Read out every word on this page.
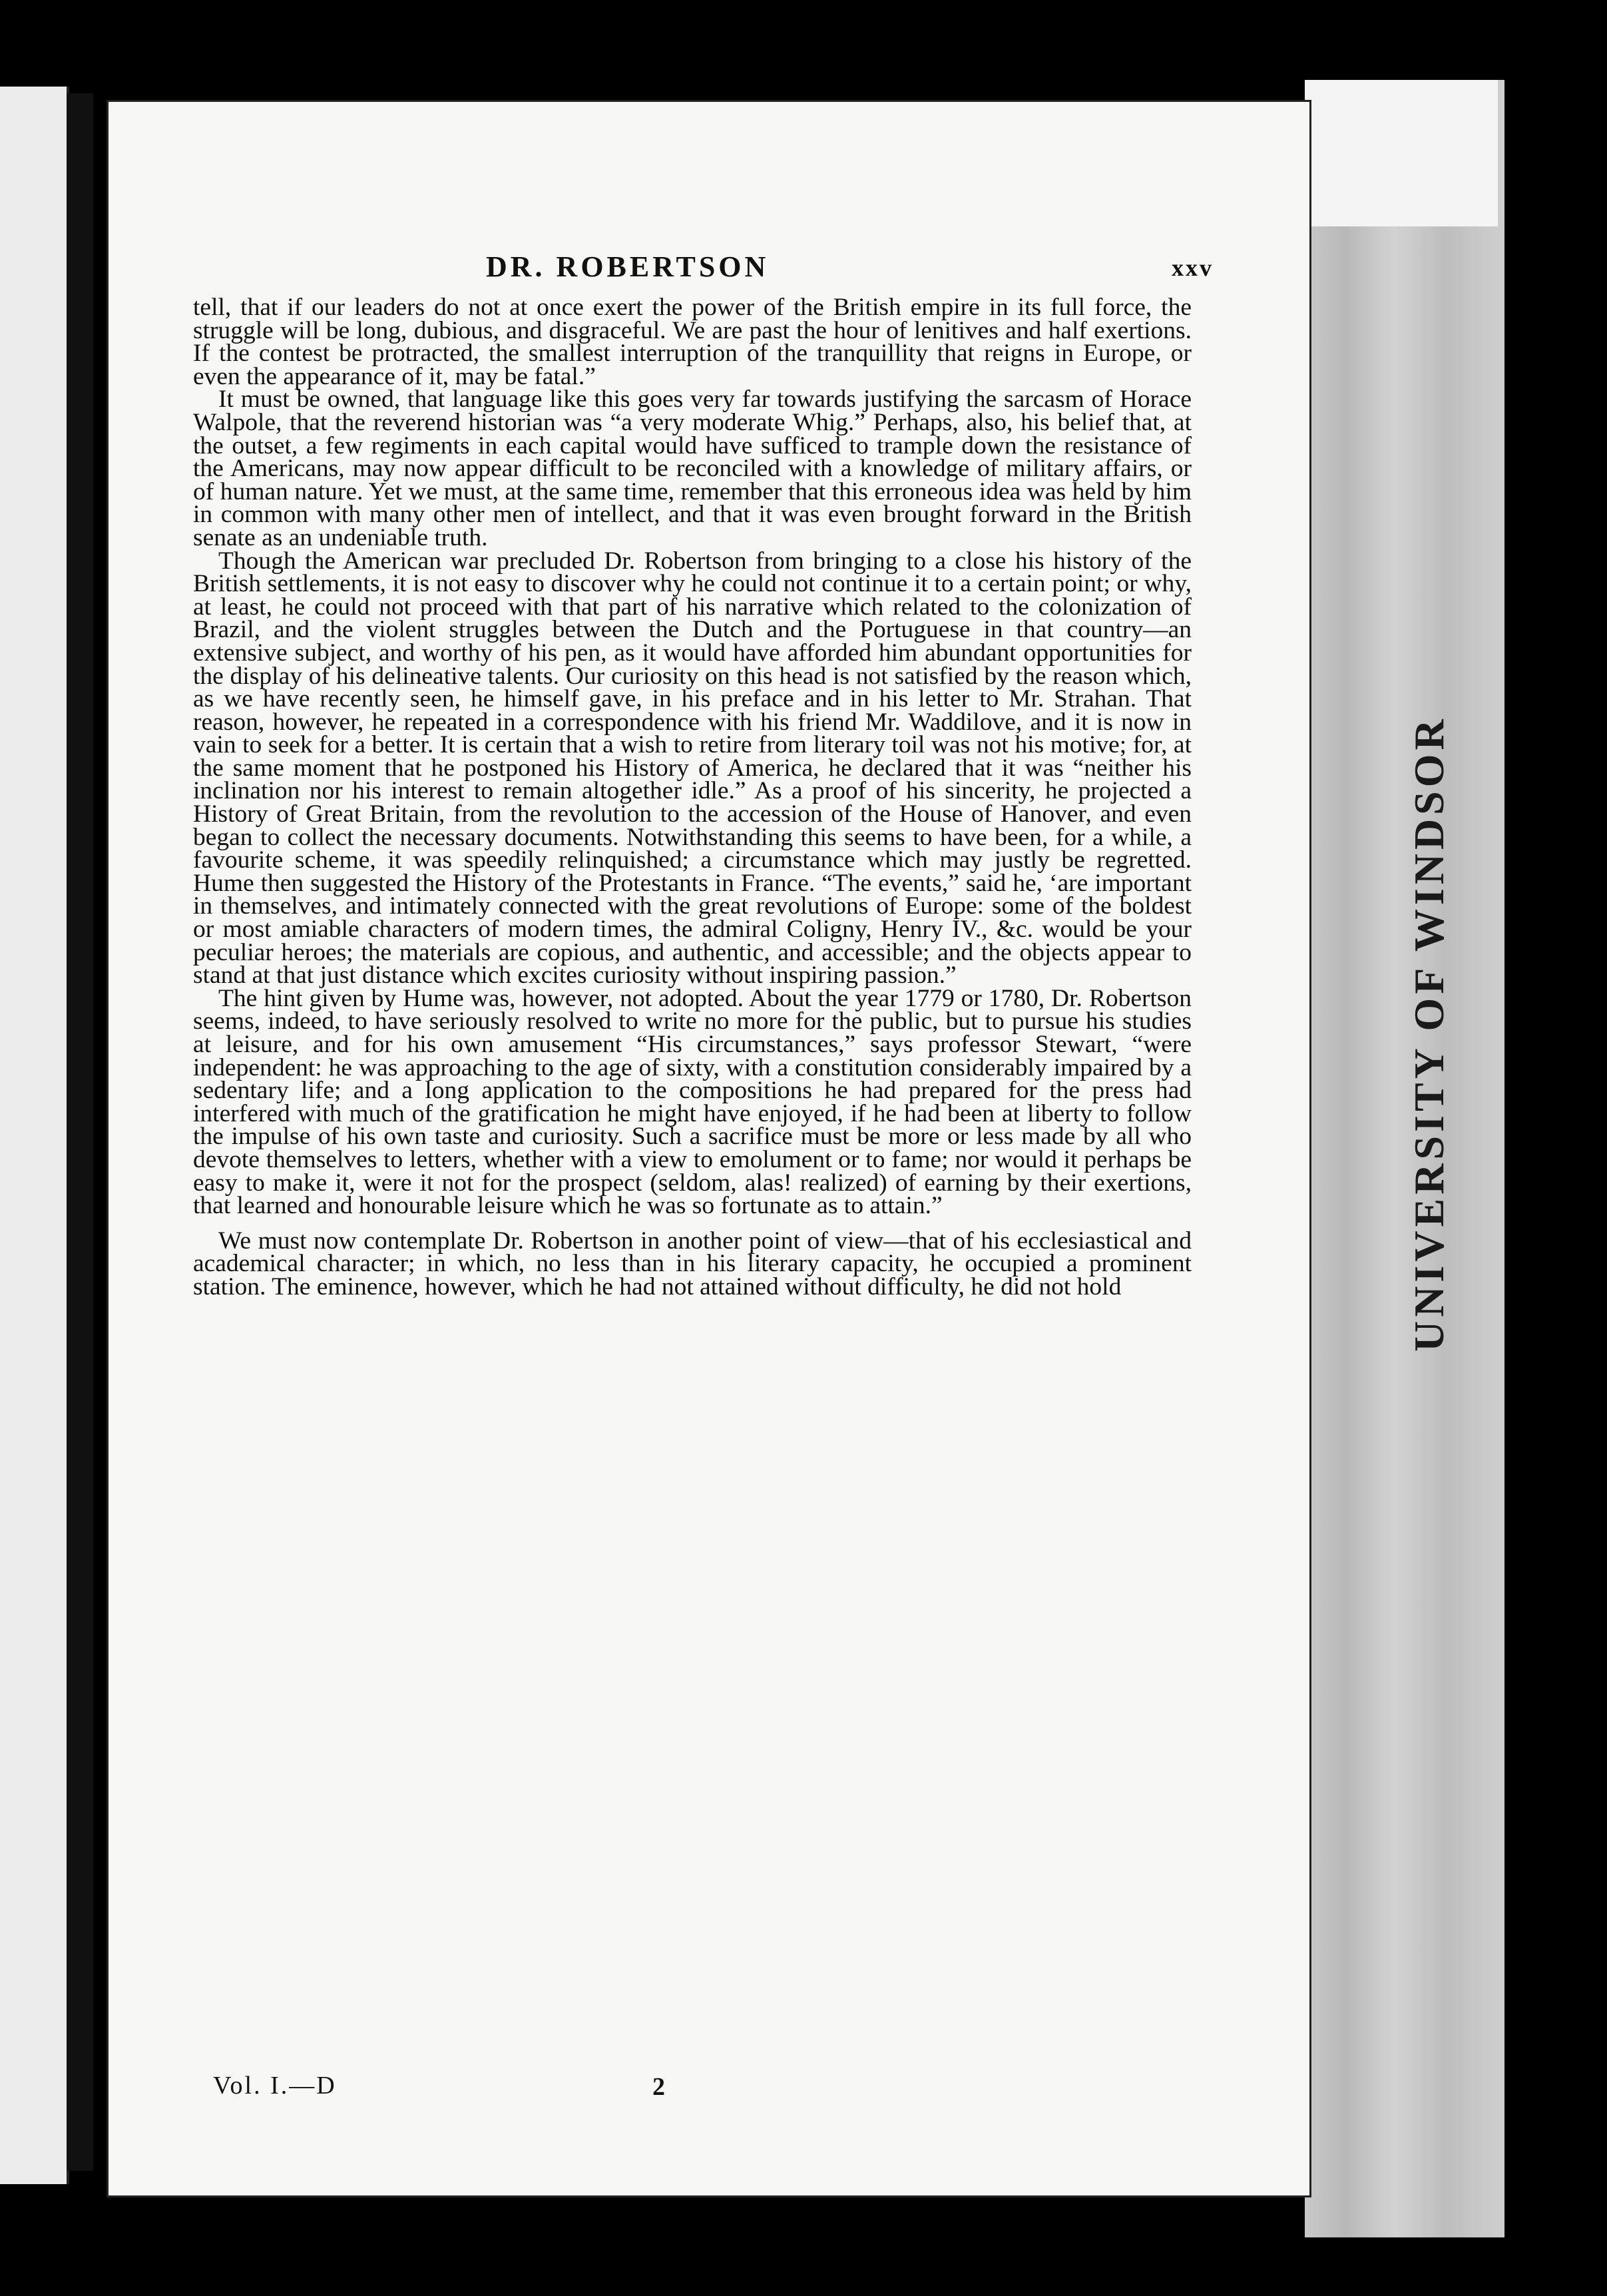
UNIVERSITY OF WINDSOR
DR. ROBERTSON	xxv

tell, that if our leaders do not at once exert the power of the British empire in its full force, the struggle will be long, dubious, and disgraceful. We are past the hour of lenitives and half exertions. If the contest be protracted, the smallest interruption of the tranquillity that reigns in Europe, or even the appearance of it, may be fatal.”

It must be owned, that language like this goes very far towards justifying the sarcasm of Horace Walpole, that the reverend historian was “a very moderate Whig.” Perhaps, also, his belief that, at the outset, a few regiments in each capital would have sufficed to trample down the resistance of the Americans, may now appear difficult to be reconciled with a knowledge of military affairs, or of human nature. Yet we must, at the same time, remember that this erroneous idea was held by him in common with many other men of intellect, and that it was even brought forward in the British senate as an undeniable truth.

Though the American war precluded Dr. Robertson from bringing to a close his history of the British settlements, it is not easy to discover why he could not continue it to a certain point; or why, at least, he could not proceed with that part of his narrative which related to the colonization of Brazil, and the violent struggles between the Dutch and the Portuguese in that country—an extensive subject, and worthy of his pen, as it would have afforded him abundant opportunities for the display of his delineative talents. Our curiosity on this head is not satisfied by the reason which, as we have recently seen, he himself gave, in his preface and in his letter to Mr. Strahan. That reason, however, he repeated in a correspondence with his friend Mr. Waddilove, and it is now in vain to seek for a better. It is certain that a wish to retire from literary toil was not his motive; for, at the same moment that he postponed his History of America, he declared that it was “neither his inclination nor his interest to remain altogether idle.” As a proof of his sincerity, he projected a History of Great Britain, from the revolution to the accession of the House of Hanover, and even began to collect the necessary documents. Notwithstanding this seems to have been, for a while, a favourite scheme, it was speedily relinquished; a circumstance which may justly be regretted. Hume then suggested the History of the Protestants in France. “The events,” said he, ‘are important in themselves, and intimately connected with the great revolutions of Europe: some of the boldest or most amiable characters of modern times, the admiral Coligny, Henry IV., &c. would be your peculiar heroes; the materials are copious, and authentic, and accessible; and the objects appear to stand at that just distance which excites curiosity without inspiring passion.”

The hint given by Hume was, however, not adopted. About the year 1779 or 1780, Dr. Robertson seems, indeed, to have seriously resolved to write no more for the public, but to pursue his studies at leisure, and for his own amusement “His circumstances,” says professor Stewart, “were independent: he was approaching to the age of sixty, with a constitution considerably impaired by a sedentary life; and a long application to the compositions he had prepared for the press had interfered with much of the gratification he might have enjoyed, if he had been at liberty to follow the impulse of his own taste and curiosity. Such a sacrifice must be more or less made by all who devote themselves to letters, whether with a view to emolument or to fame; nor would it perhaps be easy to make it, were it not for the prospect (seldom, alas! realized) of earning by their exertions, that learned and honourable leisure which he was so fortunate as to attain.”

We must now contemplate Dr. Robertson in another point of view—that of his ecclesiastical and academical character; in which, no less than in his literary capacity, he occupied a prominent station. The eminence, however, which he had not attained without difficulty, he did not hold

Vol. I.—D	2
